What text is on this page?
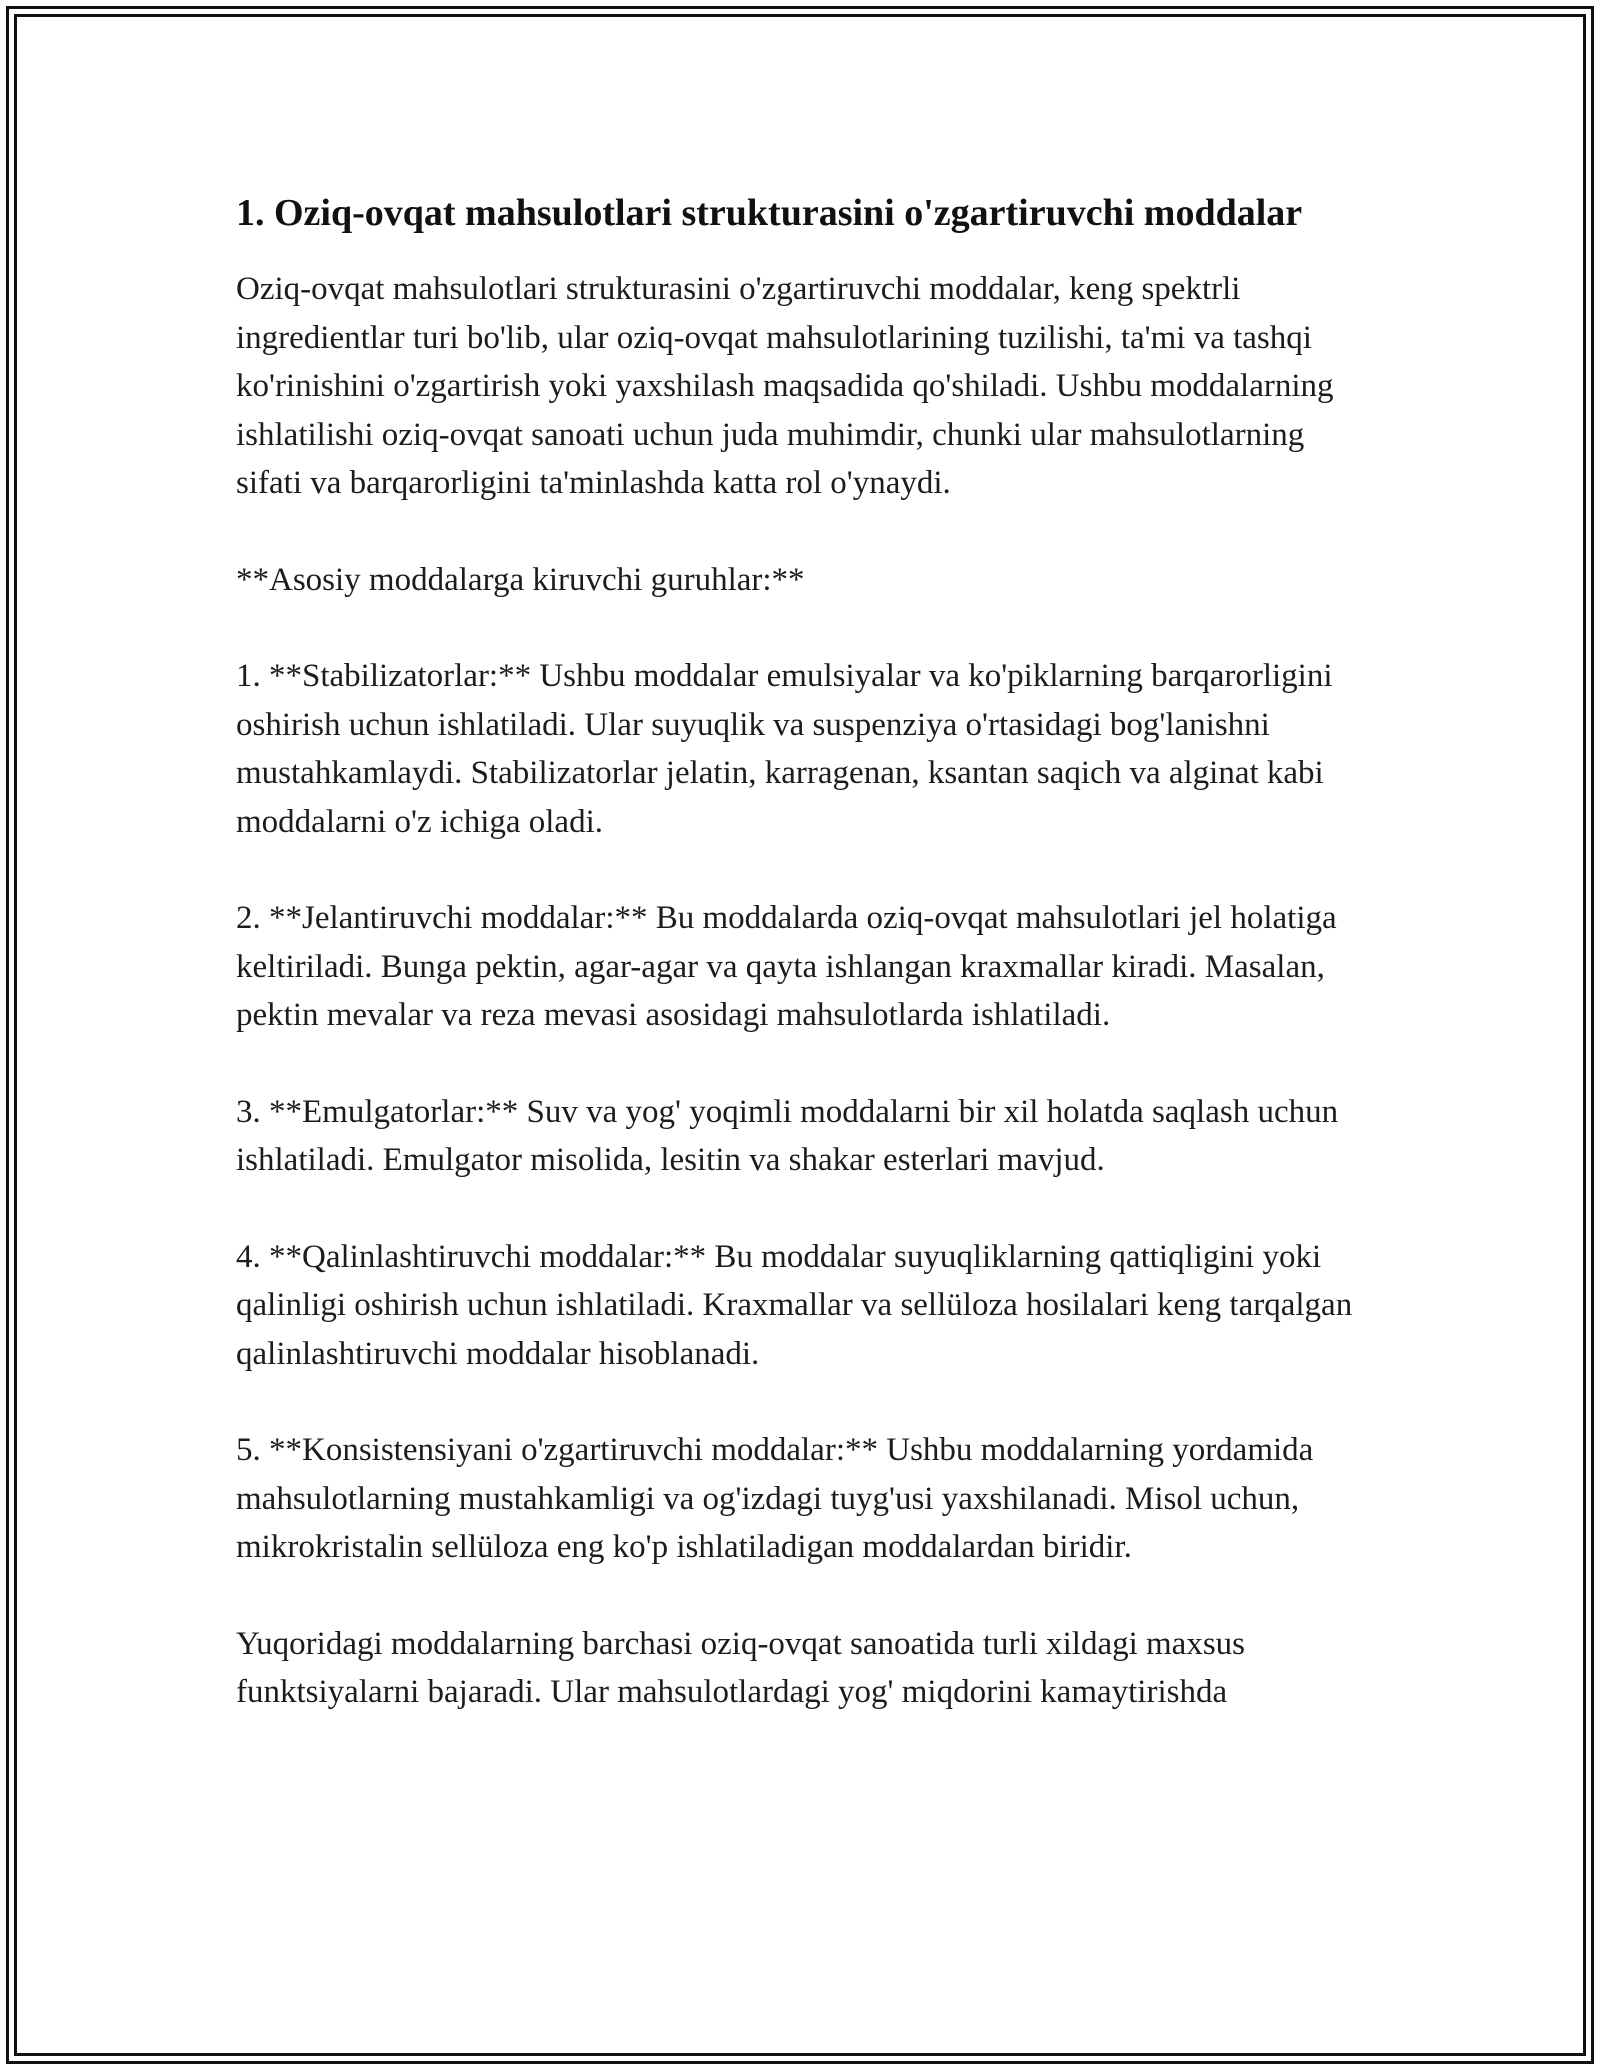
1. Oziq-ovqat mahsulotlari strukturasini o'zgartiruvchi moddalar

Oziq-ovqat mahsulotlari strukturasini o'zgartiruvchi moddalar, keng spektrli ingredientlar turi bo'lib, ular oziq-ovqat mahsulotlarining tuzilishi, ta'mi va tashqi ko'rinishini o'zgartirish yoki yaxshilash maqsadida qo'shiladi. Ushbu moddalarning ishlatilishi oziq-ovqat sanoati uchun juda muhimdir, chunki ular mahsulotlarning sifati va barqarorligini ta'minlashda katta rol o'ynaydi.

**Asosiy moddalarga kiruvchi guruhlar:**

1. **Stabilizatorlar:** Ushbu moddalar emulsiyalar va ko'piklarning barqarorligini oshirish uchun ishlatiladi. Ular suyuqlik va suspenziya o'rtasidagi bog'lanishni mustahkamlaydi. Stabilizatorlar jelatin, karragenan, ksantan saqich va alginat kabi moddalarni o'z ichiga oladi.

2. **Jelantiruvchi moddalar:** Bu moddalarda oziq-ovqat mahsulotlari jel holatiga keltiriladi. Bunga pektin, agar-agar va qayta ishlangan kraxmallar kiradi. Masalan, pektin mevalar va reza mevasi asosidagi mahsulotlarda ishlatiladi.

3. **Emulgatorlar:** Suv va yog' yoqimli moddalarni bir xil holatda saqlash uchun ishlatiladi. Emulgator misolida, lesitin va shakar esterlari mavjud.

4. **Qalinlashtiruvchi moddalar:** Bu moddalar suyuqliklarning qattiqligini yoki qalinligi oshirish uchun ishlatiladi. Kraxmallar va sellüloza hosilalari keng tarqalgan qalinlashtiruvchi moddalar hisoblanadi.

5. **Konsistensiyani o'zgartiruvchi moddalar:** Ushbu moddalarning yordamida mahsulotlarning mustahkamligi va og'izdagi tuyg'usi yaxshilanadi. Misol uchun, mikrokristalin sellüloza eng ko'p ishlatiladigan moddalardan biridir.

Yuqoridagi moddalarning barchasi oziq-ovqat sanoatida turli xildagi maxsus funktsiyalarni bajaradi. Ular mahsulotlardagi yog' miqdorini kamaytirishda
